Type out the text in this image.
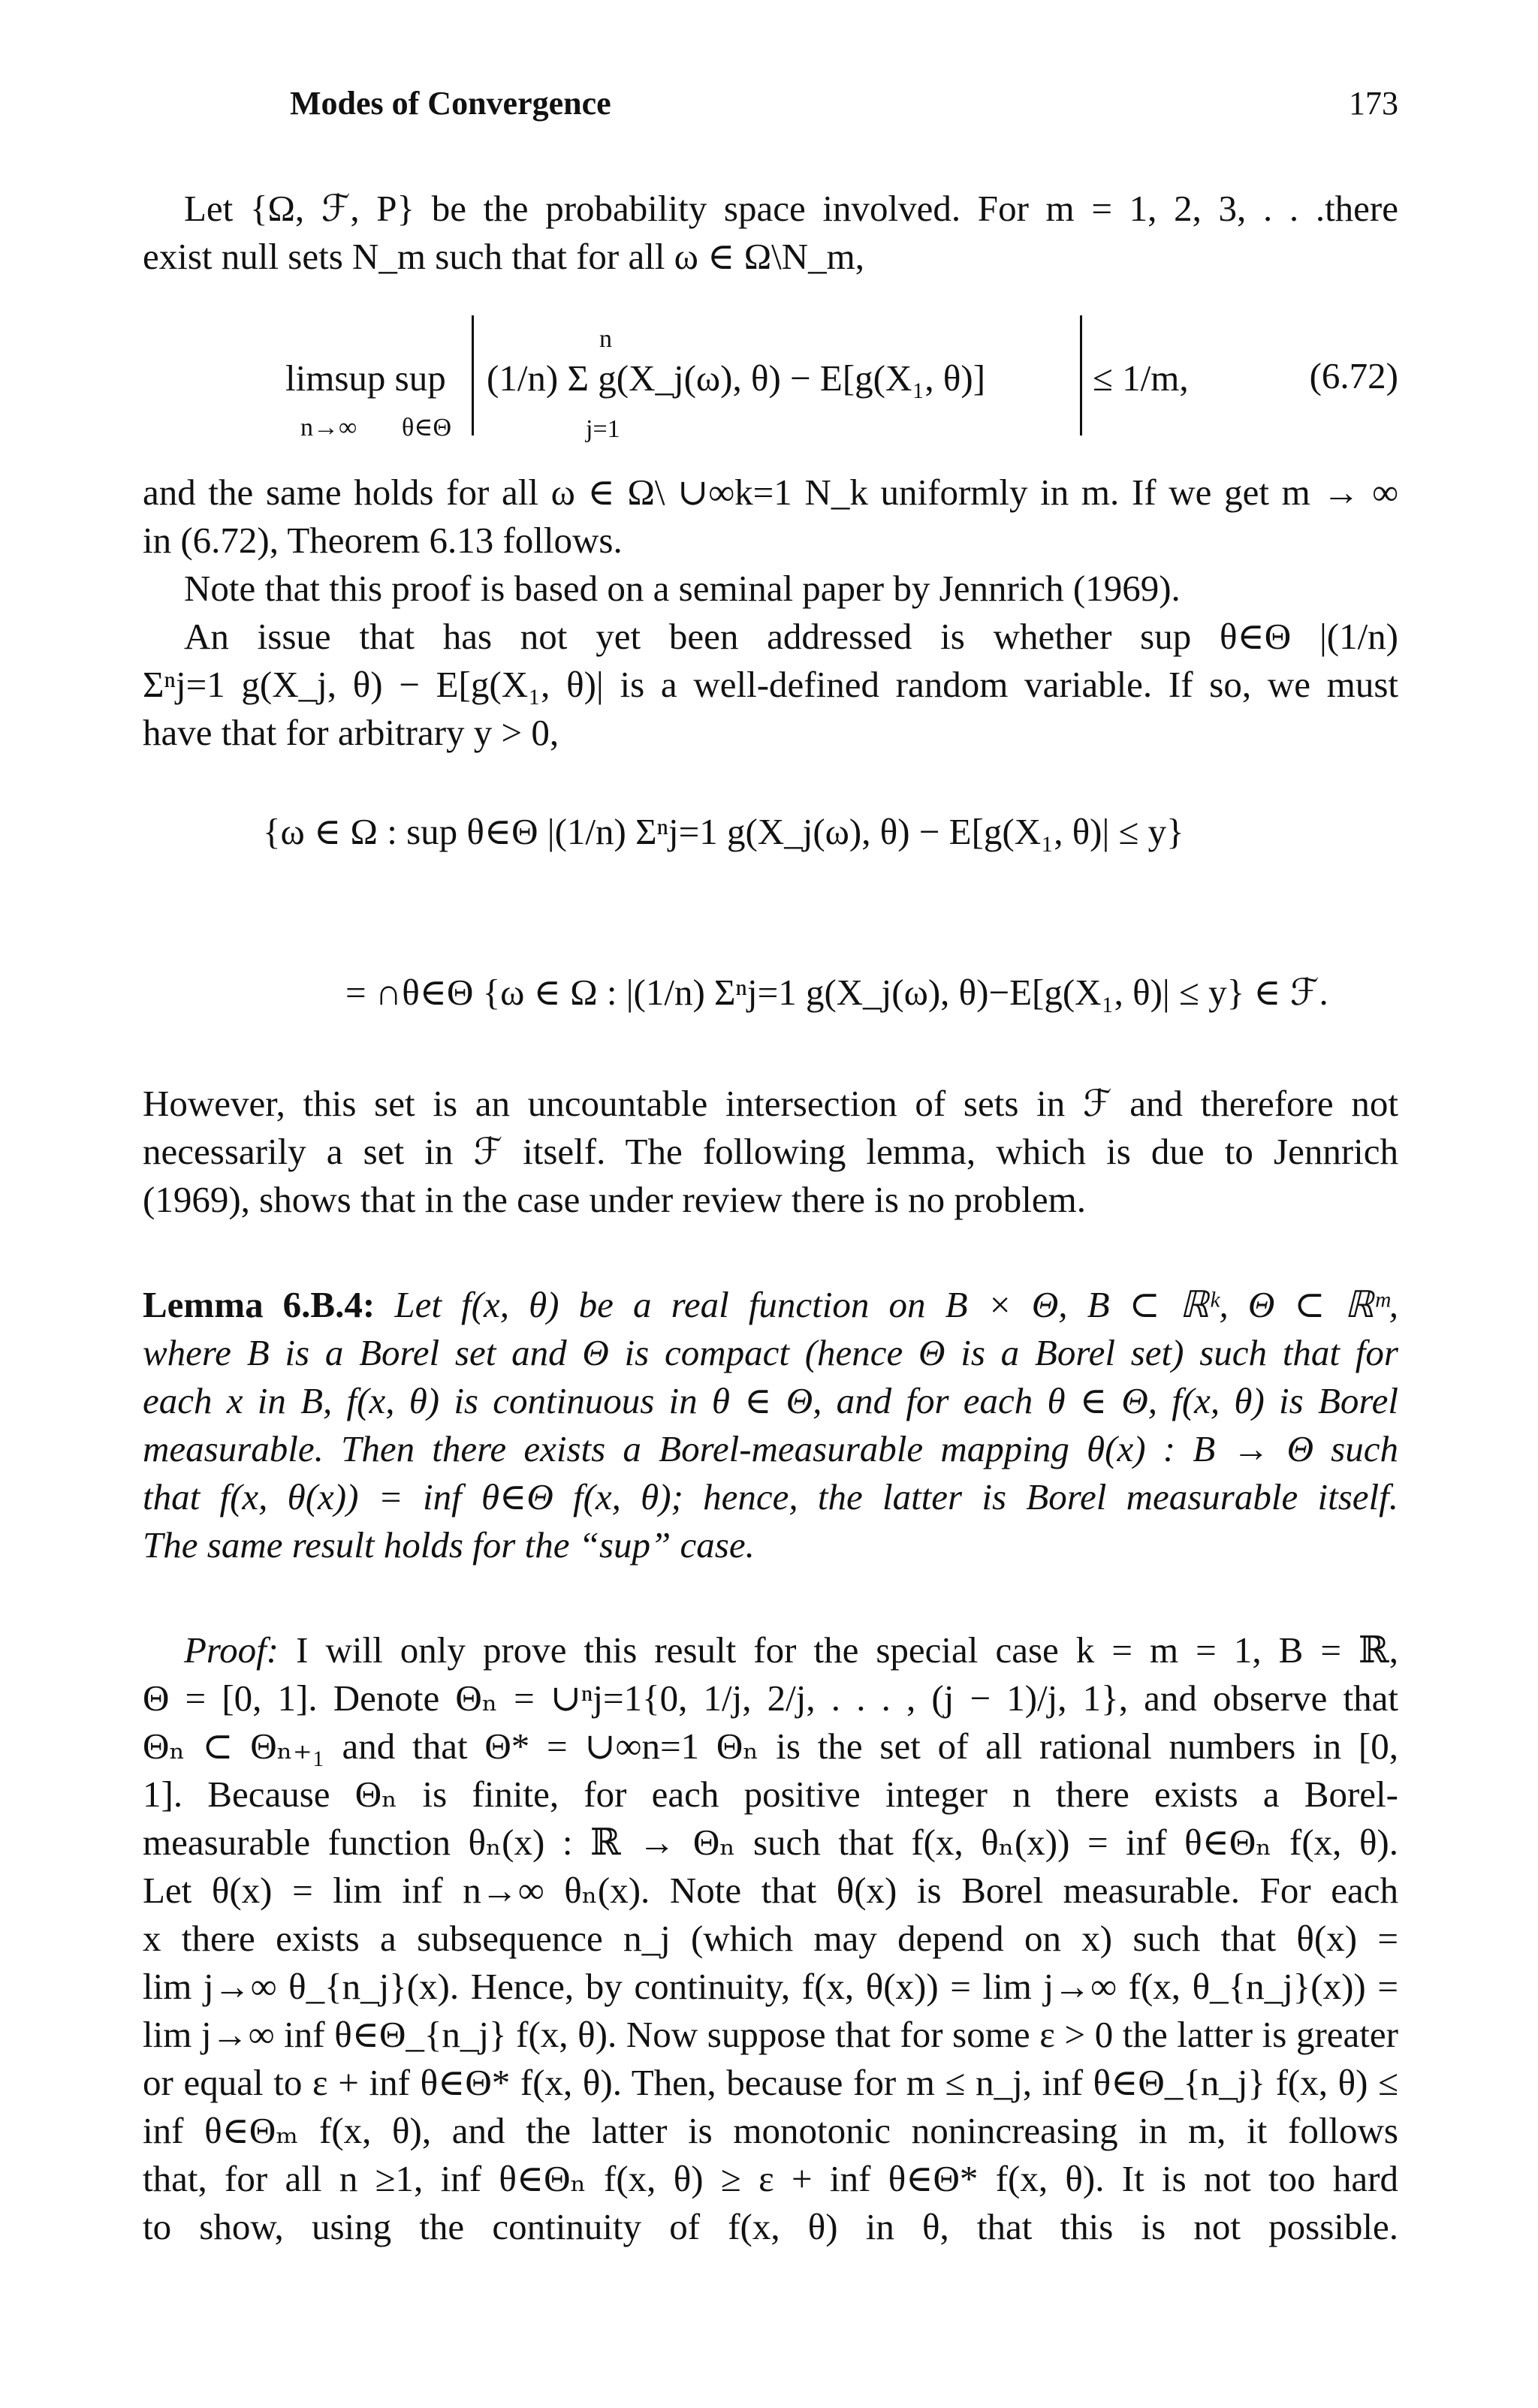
Modes of Convergence	173
Let {Ω, ℱ, P} be the probability space involved. For m = 1, 2, 3, . . .there
exist null sets N_m such that for all ω ∈ Ω\N_m,
limsup sup
n→∞ θ∈Θ
(1/n) Σ g(X_j(ω), θ) − E[g(X₁, θ)]
n
j=1
≤ 1/m,	(6.72)
and the same holds for all ω ∈ Ω\ ∪∞k=1 N_k uniformly in m. If we get m → ∞
in (6.72), Theorem 6.13 follows.
Note that this proof is based on a seminal paper by Jennrich (1969).
An issue that has not yet been addressed is whether sup θ∈Θ |(1/n)
Σⁿj=1 g(X_j, θ) − E[g(X₁, θ)| is a well-defined random variable. If so, we must
have that for arbitrary y > 0,
{ω ∈ Ω : sup θ∈Θ |(1/n) Σⁿj=1 g(X_j(ω), θ) − E[g(X₁, θ)| ≤ y}
= ∩θ∈Θ {ω ∈ Ω : |(1/n) Σⁿj=1 g(X_j(ω), θ)−E[g(X₁, θ)| ≤ y} ∈ ℱ.
However, this set is an uncountable intersection of sets in ℱ and therefore not
necessarily a set in ℱ itself. The following lemma, which is due to Jennrich
(1969), shows that in the case under review there is no problem.
Lemma 6.B.4: Let f(x, θ) be a real function on B × Θ, B ⊂ ℝᵏ, Θ ⊂ ℝᵐ,
where B is a Borel set and Θ is compact (hence Θ is a Borel set) such that for
each x in B, f(x, θ) is continuous in θ ∈ Θ, and for each θ ∈ Θ, f(x, θ) is Borel
measurable. Then there exists a Borel-measurable mapping θ(x) : B → Θ such
that f(x, θ(x)) = inf θ∈Θ f(x, θ); hence, the latter is Borel measurable itself.
The same result holds for the “sup” case.
Proof: I will only prove this result for the special case k = m = 1, B = ℝ,
Θ = [0, 1]. Denote Θₙ = ∪ⁿj=1{0, 1/j, 2/j, . . . , (j − 1)/j, 1}, and observe that
Θₙ ⊂ Θₙ₊₁ and that Θ* = ∪∞n=1 Θₙ is the set of all rational numbers in [0,
1]. Because Θₙ is finite, for each positive integer n there exists a Borel-
measurable function θₙ(x) : ℝ → Θₙ such that f(x, θₙ(x)) = inf θ∈Θₙ f(x, θ).
Let θ(x) = lim inf n→∞ θₙ(x). Note that θ(x) is Borel measurable. For each
x there exists a subsequence n_j (which may depend on x) such that θ(x) =
lim j→∞ θ_{n_j}(x). Hence, by continuity, f(x, θ(x)) = lim j→∞ f(x, θ_{n_j}(x)) =
lim j→∞ inf θ∈Θ_{n_j} f(x, θ). Now suppose that for some ε > 0 the latter is greater
or equal to ε + inf θ∈Θ* f(x, θ). Then, because for m ≤ n_j, inf θ∈Θ_{n_j} f(x, θ) ≤
inf θ∈Θₘ f(x, θ), and the latter is monotonic nonincreasing in m, it follows
that, for all n ≥1, inf θ∈Θₙ f(x, θ) ≥ ε + inf θ∈Θ* f(x, θ). It is not too hard
to show, using the continuity of f(x, θ) in θ, that this is not possible.
